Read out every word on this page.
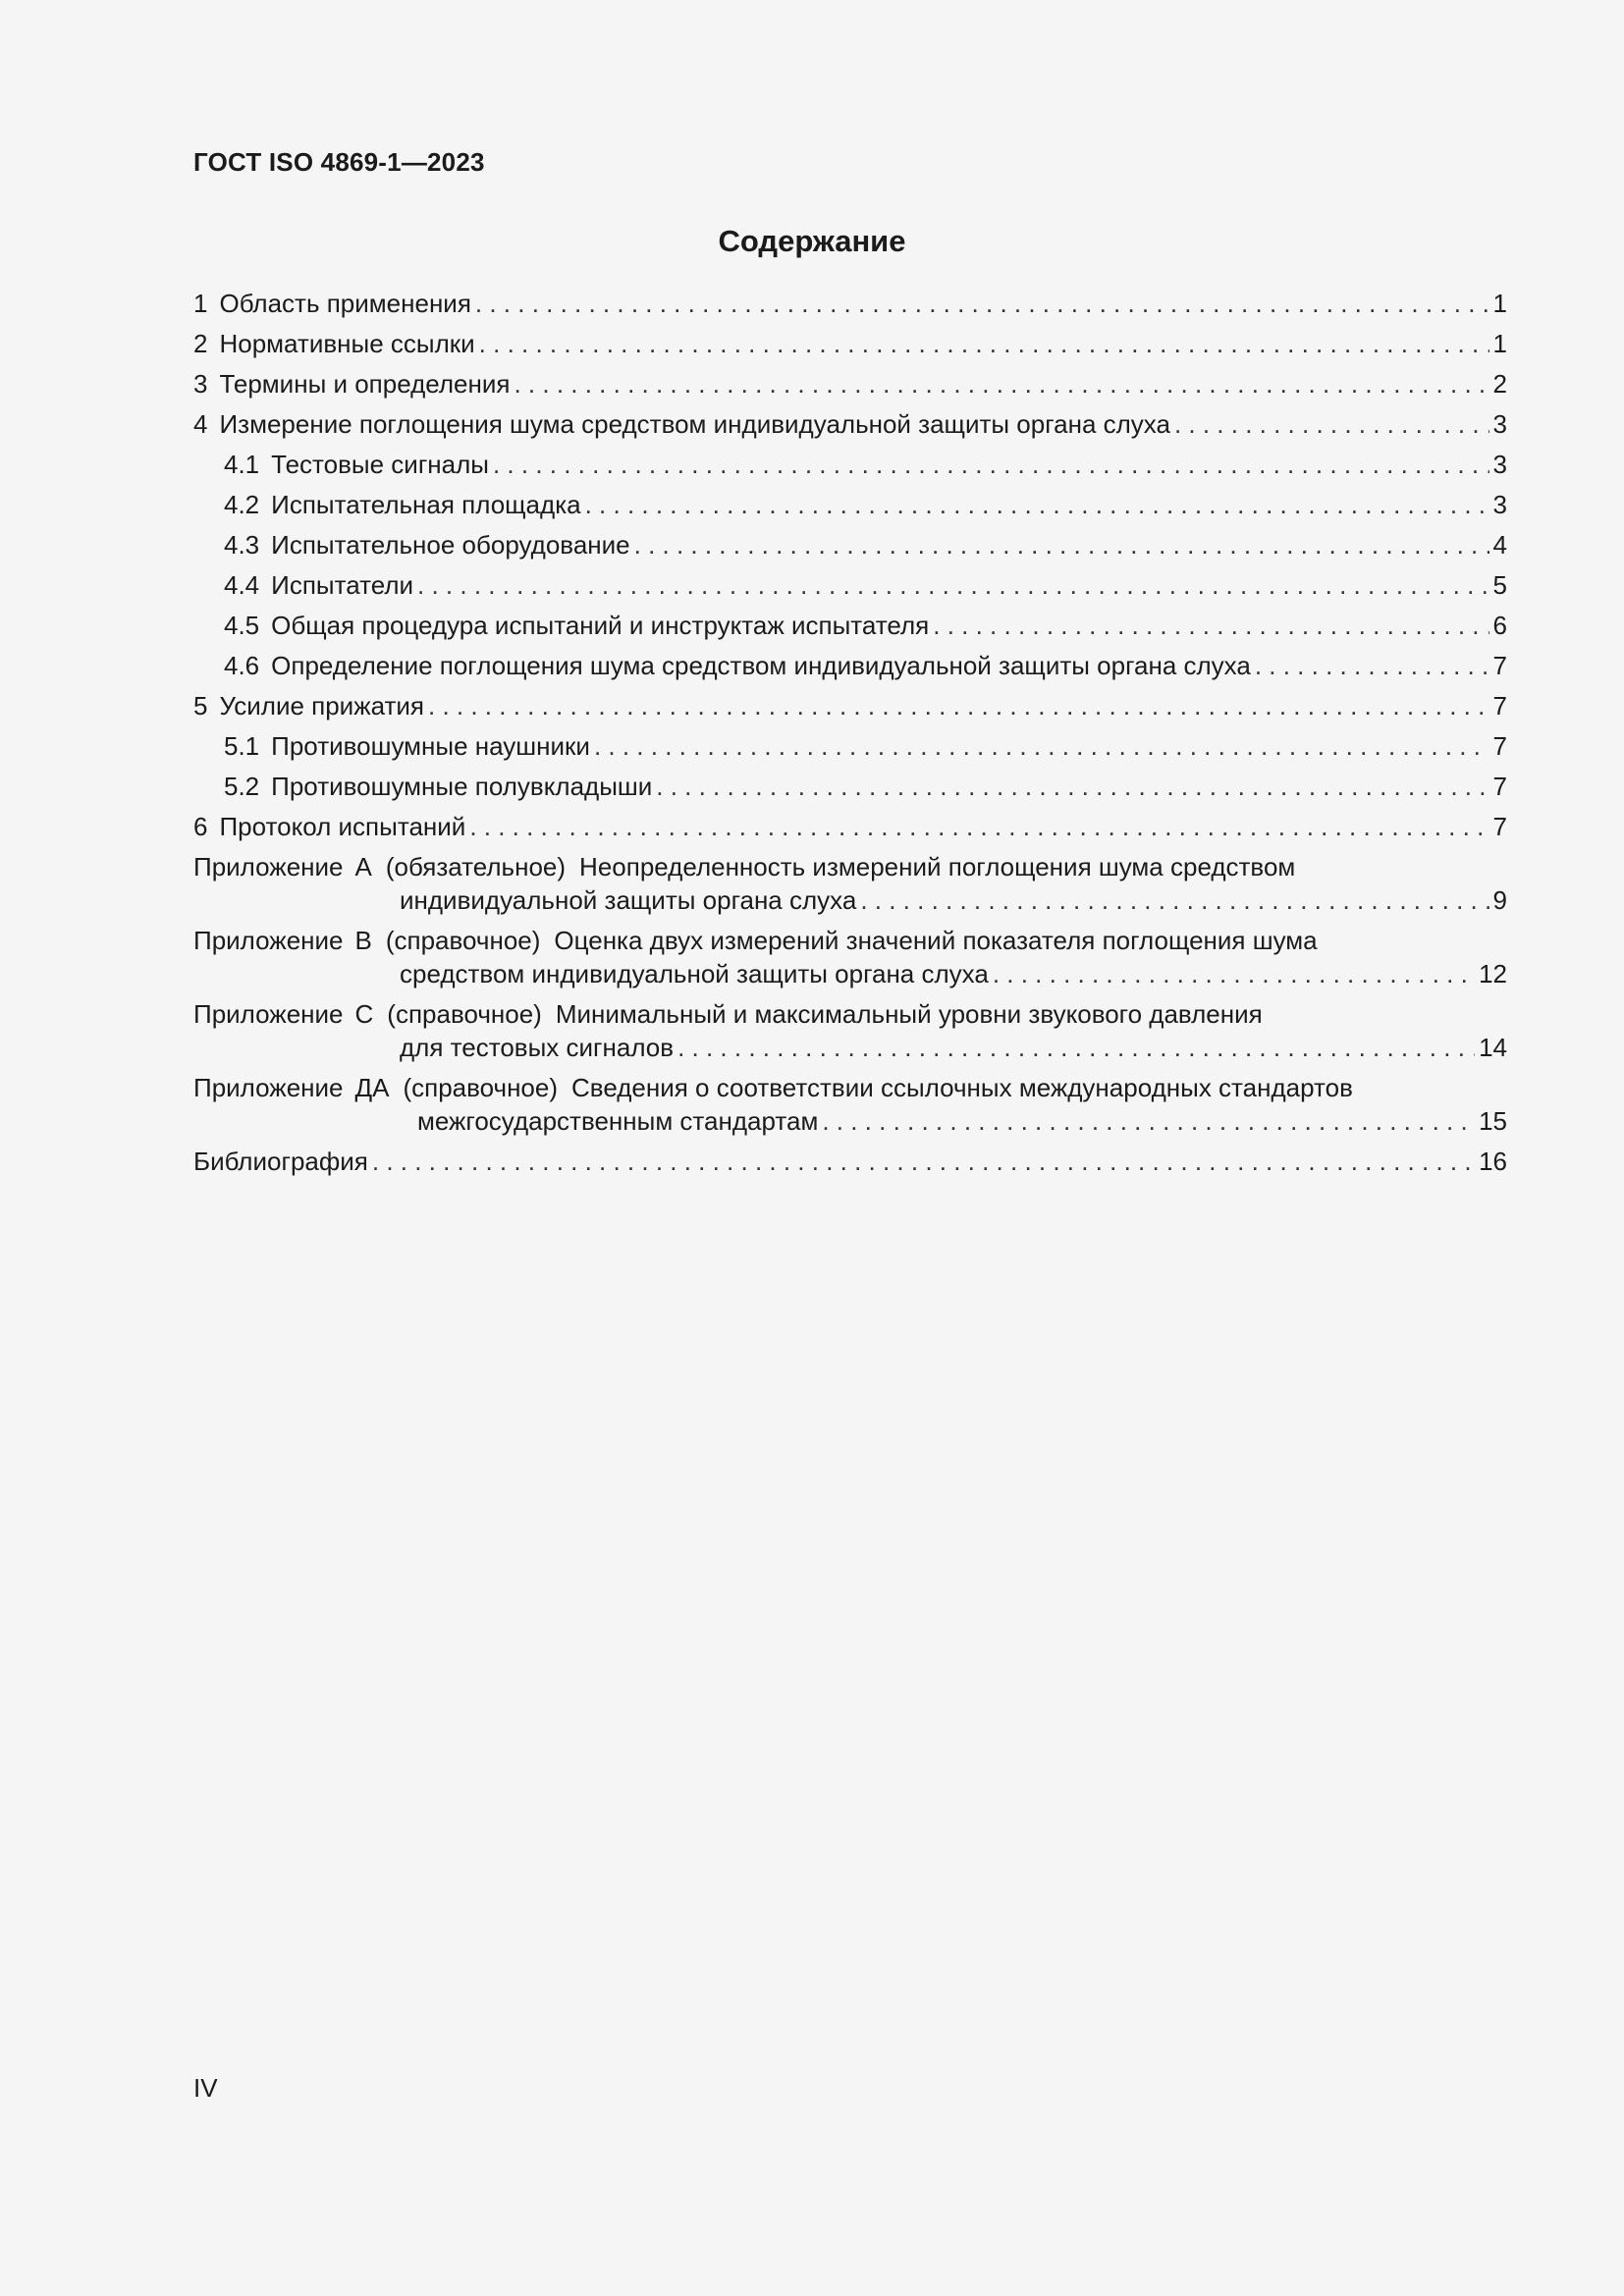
ГОСТ ISO 4869-1—2023
Содержание
1 Область применения . . .	1
2 Нормативные ссылки . . .	1
3 Термины и определения . . .	2
4 Измерение поглощения шума средством индивидуальной защиты органа слуха . . .	3
4.1 Тестовые сигналы . . .	3
4.2 Испытательная площадка . . .	3
4.3 Испытательное оборудование . . .	4
4.4 Испытатели . . .	5
4.5 Общая процедура испытаний и инструктаж испытателя . . .	6
4.6 Определение поглощения шума средством индивидуальной защиты органа слуха . . .	7
5 Усилие прижатия . . .	7
5.1 Противошумные наушники . . .	7
5.2 Противошумные полувкладыши . . .	7
6 Протокол испытаний . . .	7
Приложение А (обязательное) Неопределенность измерений поглощения шума средством
индивидуальной защиты органа слуха . . .	9
Приложение В (справочное) Оценка двух измерений значений показателя поглощения шума
средством индивидуальной защиты органа слуха . . .	12
Приложение С (справочное) Минимальный и максимальный уровни звукового давления
для тестовых сигналов . . .	14
Приложение ДА (справочное) Сведения о соответствии ссылочных международных стандартов
межгосударственным стандартам . . .	15
Библиография . . .	16
IV
